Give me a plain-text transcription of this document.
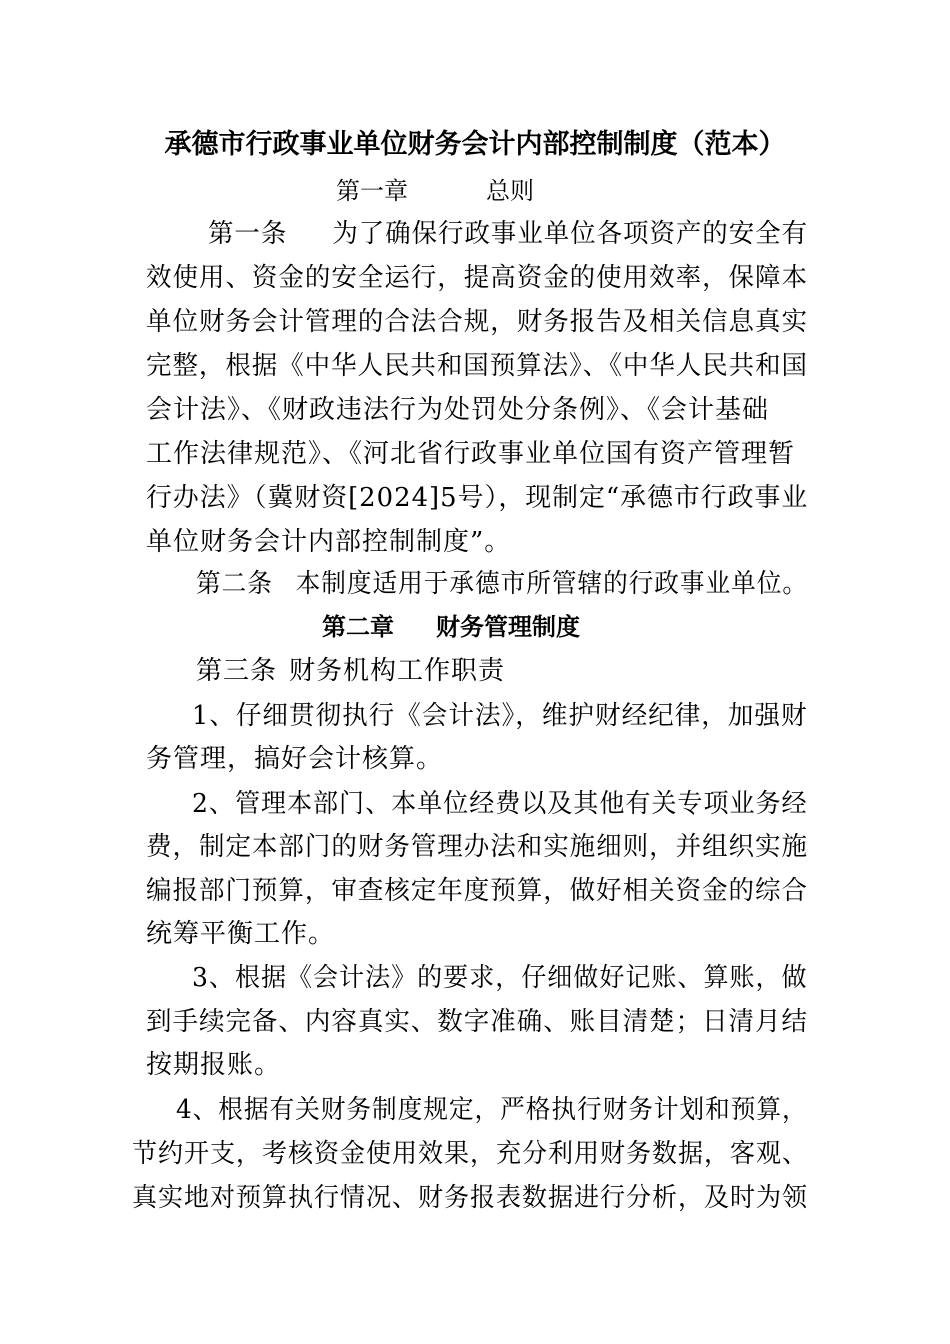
承德市行政事业单位财务会计内部控制制度（范本）
第一章	总则
第一条 为了确保行政事业单位各项资产的安全有
效使用、资金的安全运行，提高资金的使用效率，保障本
单位财务会计管理的合法合规，财务报告及相关信息真实
完整，根据《中华人民共和国预算法》、《中华人民共和国
会计法》、《财政违法行为处罚处分条例》、《会计基础
工作法律规范》、《河北省行政事业单位国有资产管理暂
行办法》（冀财资[2024]5号），现制定“承德市行政事业
单位财务会计内部控制制度”。
第二条 本制度适用于承德市所管辖的行政事业单位。
第二章 财务管理制度
第三条 财务机构工作职责
1、仔细贯彻执行《会计法》，维护财经纪律，加强财
务管理，搞好会计核算。
2、管理本部门、本单位经费以及其他有关专项业务经
费，制定本部门的财务管理办法和实施细则，并组织实施
编报部门预算，审查核定年度预算，做好相关资金的综合
统筹平衡工作。
3、根据《会计法》的要求，仔细做好记账、算账，做
到手续完备、内容真实、数字准确、账目清楚；日清月结
按期报账。
4、根据有关财务制度规定，严格执行财务计划和预算，
节约开支，考核资金使用效果，充分利用财务数据，客观、
真实地对预算执行情况、财务报表数据进行分析，及时为领
